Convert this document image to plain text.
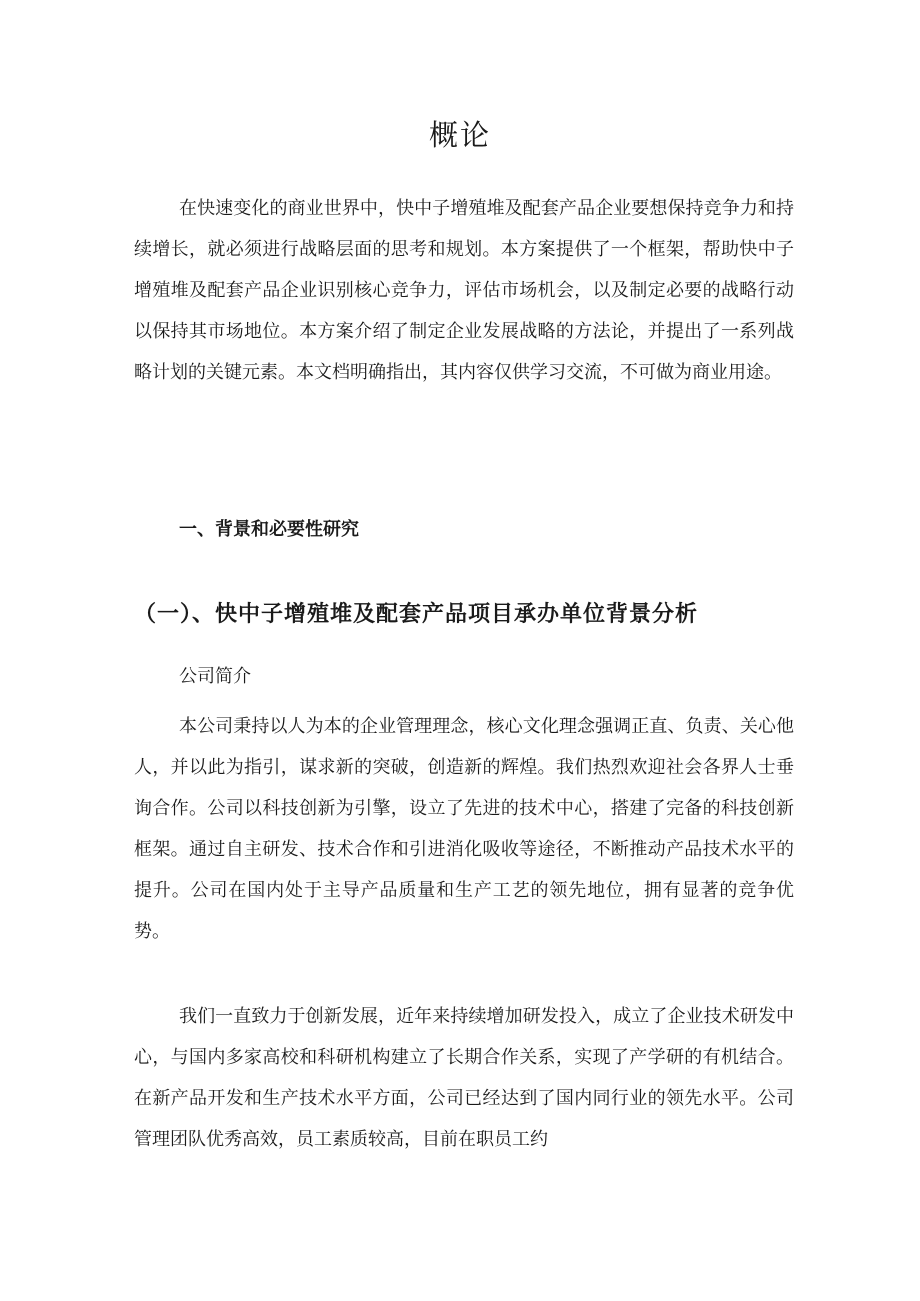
概论

在快速变化的商业世界中，快中子增殖堆及配套产品企业要想保持竞争力和持续增长，就必须进行战略层面的思考和规划。本方案提供了一个框架，帮助快中子增殖堆及配套产品企业识别核心竞争力，评估市场机会，以及制定必要的战略行动以保持其市场地位。本方案介绍了制定企业发展战略的方法论，并提出了一系列战略计划的关键元素。本文档明确指出，其内容仅供学习交流，不可做为商业用途。

一、背景和必要性研究
（一）、快中子增殖堆及配套产品项目承办单位背景分析
公司简介

本公司秉持以人为本的企业管理理念，核心文化理念强调正直、负责、关心他人，并以此为指引，谋求新的突破，创造新的辉煌。我们热烈欢迎社会各界人士垂询合作。公司以科技创新为引擎，设立了先进的技术中心，搭建了完备的科技创新框架。通过自主研发、技术合作和引进消化吸收等途径，不断推动产品技术水平的提升。公司在国内处于主导产品质量和生产工艺的领先地位，拥有显著的竞争优势。

我们一直致力于创新发展，近年来持续增加研发投入，成立了企业技术研发中心，与国内多家高校和科研机构建立了长期合作关系，实现了产学研的有机结合。在新产品开发和生产技术水平方面，公司已经达到了国内同行业的领先水平。公司管理团队优秀高效，员工素质较高，目前在职员工约
